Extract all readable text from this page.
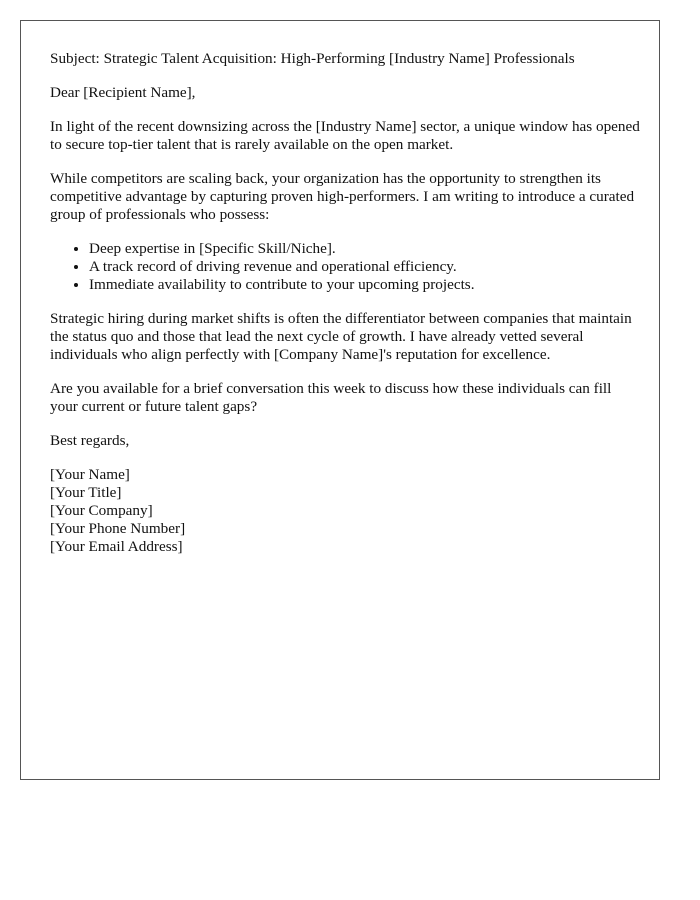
Subject: Strategic Talent Acquisition: High-Performing [Industry Name] Professionals

Dear [Recipient Name],

In light of the recent downsizing across the [Industry Name] sector, a unique window has opened to secure top-tier talent that is rarely available on the open market.

While competitors are scaling back, your organization has the opportunity to strengthen its competitive advantage by capturing proven high-performers. I am writing to introduce a curated group of professionals who possess:

• Deep expertise in [Specific Skill/Niche].
• A track record of driving revenue and operational efficiency.
• Immediate availability to contribute to your upcoming projects.

Strategic hiring during market shifts is often the differentiator between companies that maintain the status quo and those that lead the next cycle of growth. I have already vetted several individuals who align perfectly with [Company Name]'s reputation for excellence.

Are you available for a brief conversation this week to discuss how these individuals can fill your current or future talent gaps?

Best regards,

[Your Name]
[Your Title]
[Your Company]
[Your Phone Number]
[Your Email Address]
